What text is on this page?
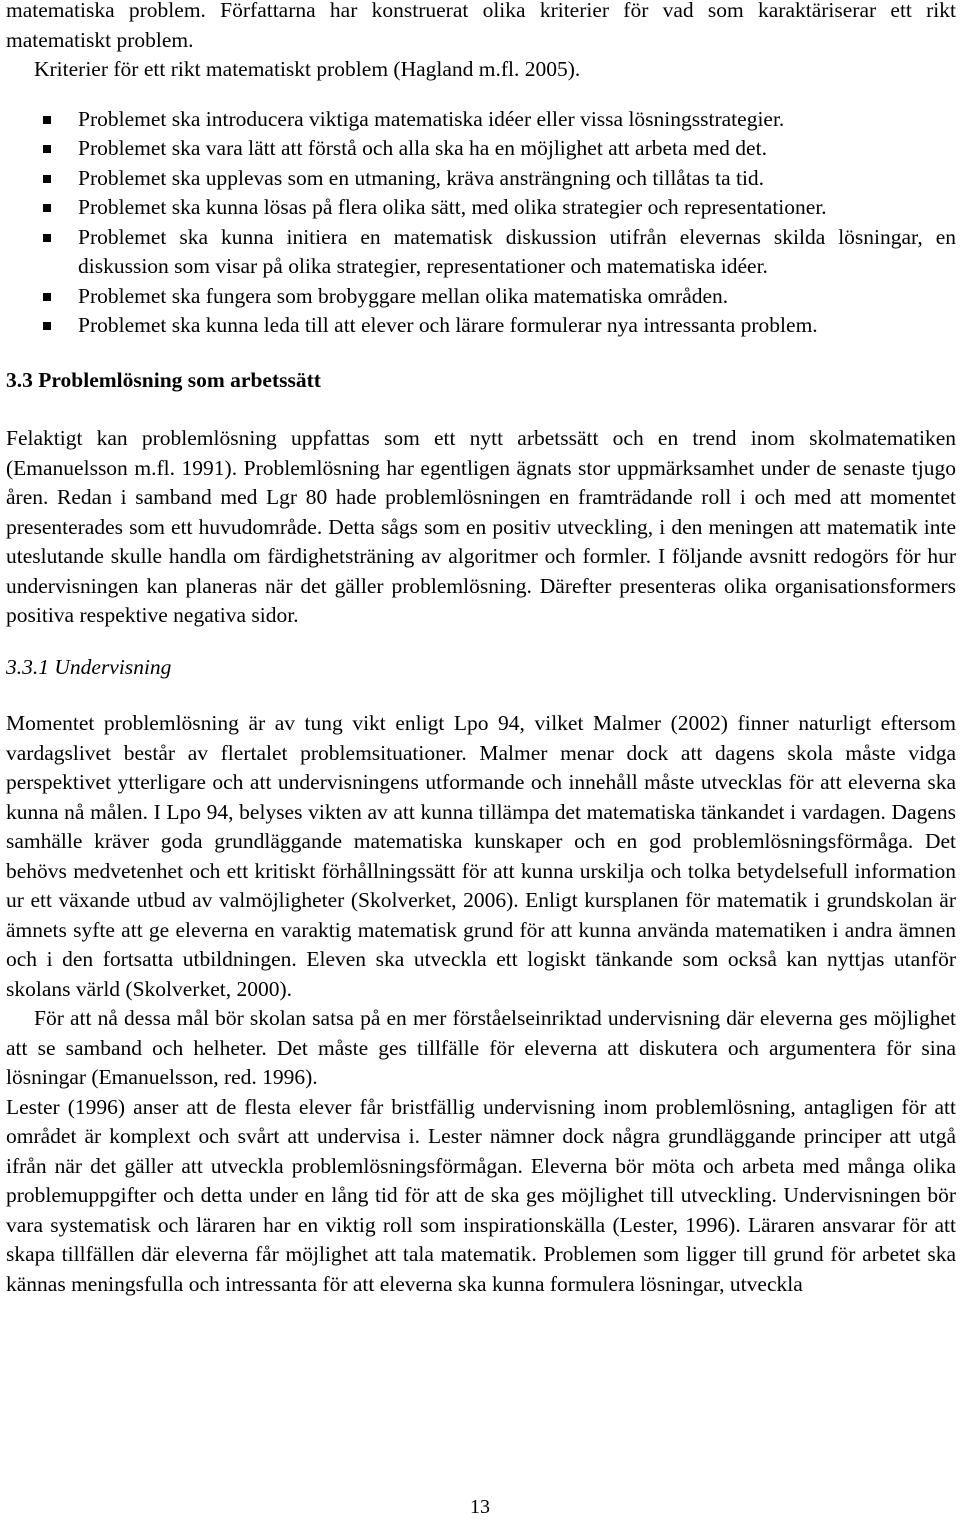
matematiska problem. Författarna har konstruerat olika kriterier för vad som karaktäriserar ett rikt matematiskt problem.

Kriterier för ett rikt matematiskt problem (Hagland m.fl. 2005).

Problemet ska introducera viktiga matematiska idéer eller vissa lösningsstrategier.
Problemet ska vara lätt att förstå och alla ska ha en möjlighet att arbeta med det.
Problemet ska upplevas som en utmaning, kräva ansträngning och tillåtas ta tid.
Problemet ska kunna lösas på flera olika sätt, med olika strategier och representationer.
Problemet ska kunna initiera en matematisk diskussion utifrån elevernas skilda lösningar, en diskussion som visar på olika strategier, representationer och matematiska idéer.
Problemet ska fungera som brobyggare mellan olika matematiska områden.
Problemet ska kunna leda till att elever och lärare formulerar nya intressanta problem.
3.3 Problemlösning som arbetssätt

Felaktigt kan problemlösning uppfattas som ett nytt arbetssätt och en trend inom skolmatematiken (Emanuelsson m.fl. 1991). Problemlösning har egentligen ägnats stor uppmärksamhet under de senaste tjugo åren. Redan i samband med Lgr 80 hade problemlösningen en framträdande roll i och med att momentet presenterades som ett huvudområde. Detta sågs som en positiv utveckling, i den meningen att matematik inte uteslutande skulle handla om färdighetsträning av algoritmer och formler. I följande avsnitt redogörs för hur undervisningen kan planeras när det gäller problemlösning. Därefter presenteras olika organisationsformers positiva respektive negativa sidor.

3.3.1 Undervisning

Momentet problemlösning är av tung vikt enligt Lpo 94, vilket Malmer (2002) finner naturligt eftersom vardagslivet består av flertalet problemsituationer. Malmer menar dock att dagens skola måste vidga perspektivet ytterligare och att undervisningens utformande och innehåll måste utvecklas för att eleverna ska kunna nå målen. I Lpo 94, belyses vikten av att kunna tillämpa det matematiska tänkandet i vardagen. Dagens samhälle kräver goda grundläggande matematiska kunskaper och en god problemlösningsförmåga. Det behövs medvetenhet och ett kritiskt förhållningssätt för att kunna urskilja och tolka betydelsefull information ur ett växande utbud av valmöjligheter (Skolverket, 2006). Enligt kursplanen för matematik i grundskolan är ämnets syfte att ge eleverna en varaktig matematisk grund för att kunna använda matematiken i andra ämnen och i den fortsatta utbildningen. Eleven ska utveckla ett logiskt tänkande som också kan nyttjas utanför skolans värld (Skolverket, 2000).

För att nå dessa mål bör skolan satsa på en mer förståelseinriktad undervisning där eleverna ges möjlighet att se samband och helheter. Det måste ges tillfälle för eleverna att diskutera och argumentera för sina lösningar (Emanuelsson, red. 1996).

Lester (1996) anser att de flesta elever får bristfällig undervisning inom problemlösning, antagligen för att området är komplext och svårt att undervisa i. Lester nämner dock några grundläggande principer att utgå ifrån när det gäller att utveckla problemlösningsförmågan. Eleverna bör möta och arbeta med många olika problemuppgifter och detta under en lång tid för att de ska ges möjlighet till utveckling. Undervisningen bör vara systematisk och läraren har en viktig roll som inspirationskälla (Lester, 1996). Läraren ansvarar för att skapa tillfällen där eleverna får möjlighet att tala matematik. Problemen som ligger till grund för arbetet ska kännas meningsfulla och intressanta för att eleverna ska kunna formulera lösningar, utveckla

13
